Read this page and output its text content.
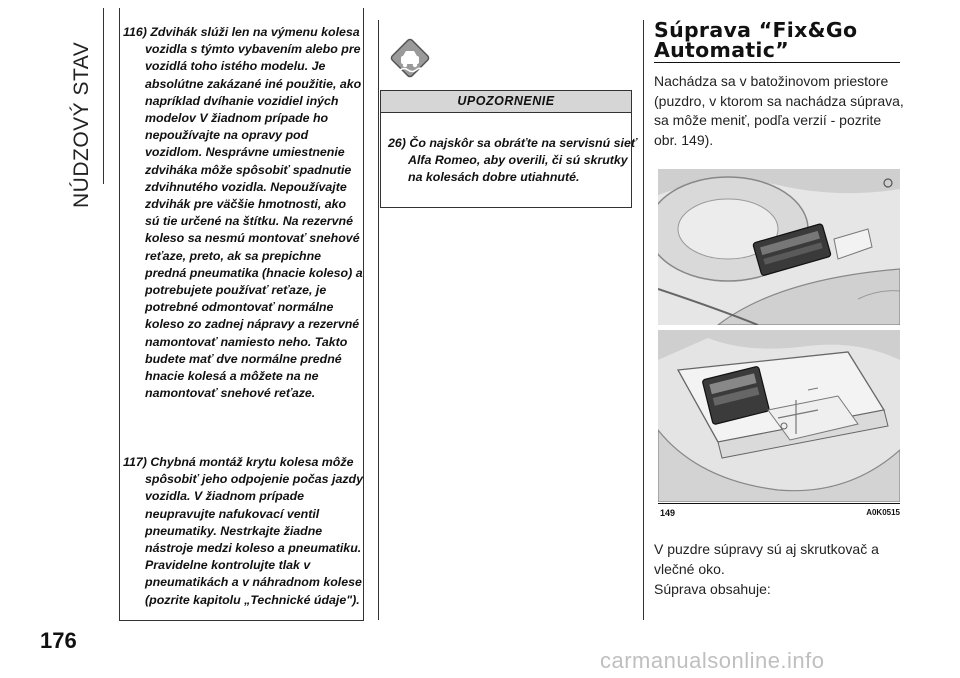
NÚDZOVÝ STAV
176
116) Zdvihák slúži len na výmenu kolesa vozidla s týmto vybavením alebo pre vozidlá toho istého modelu. Je absolútne zakázané iné použitie, ako napríklad dvíhanie vozidiel iných modelov V žiadnom prípade ho nepoužívajte na opravy pod vozidlom. Nesprávne umiestnenie zdviháka môže spôsobiť spadnutie zdvihnutého vozidla. Nepoužívajte zdvihák pre väčšie hmotnosti, ako sú tie určené na štítku. Na rezervné koleso sa nesmú montovať snehové reťaze, preto, ak sa prepichne predná pneumatika (hnacie koleso) a potrebujete používať reťaze, je potrebné odmontovať normálne koleso zo zadnej nápravy a rezervné namontovať namiesto neho. Takto budete mať dve normálne predné hnacie kolesá a môžete na ne namontovať snehové reťaze.
117) Chybná montáž krytu kolesa môže spôsobiť jeho odpojenie počas jazdy vozidla. V žiadnom prípade neupravujte nafukovací ventil pneumatiky. Nestrkajte žiadne nástroje medzi koleso a pneumatiku. Pravidelne kontrolujte tlak v pneumatikách a v náhradnom kolese (pozrite kapitolu „Technické údaje").
UPOZORNENIE
26) Čo najskôr sa obráťte na servisnú sieť Alfa Romeo, aby overili, či sú skrutky na kolesách dobre utiahnuté.
Súprava “Fix&Go
Automatic”
Nachádza sa v batožinovom priestore (puzdro, v ktorom sa nachádza súprava, sa môže meniť, podľa verzií - pozrite obr. 149).
149	A0K0515
V puzdre súpravy sú aj skrutkovač a vlečné oko.
Súprava obsahuje:
carmanualsonline.info
